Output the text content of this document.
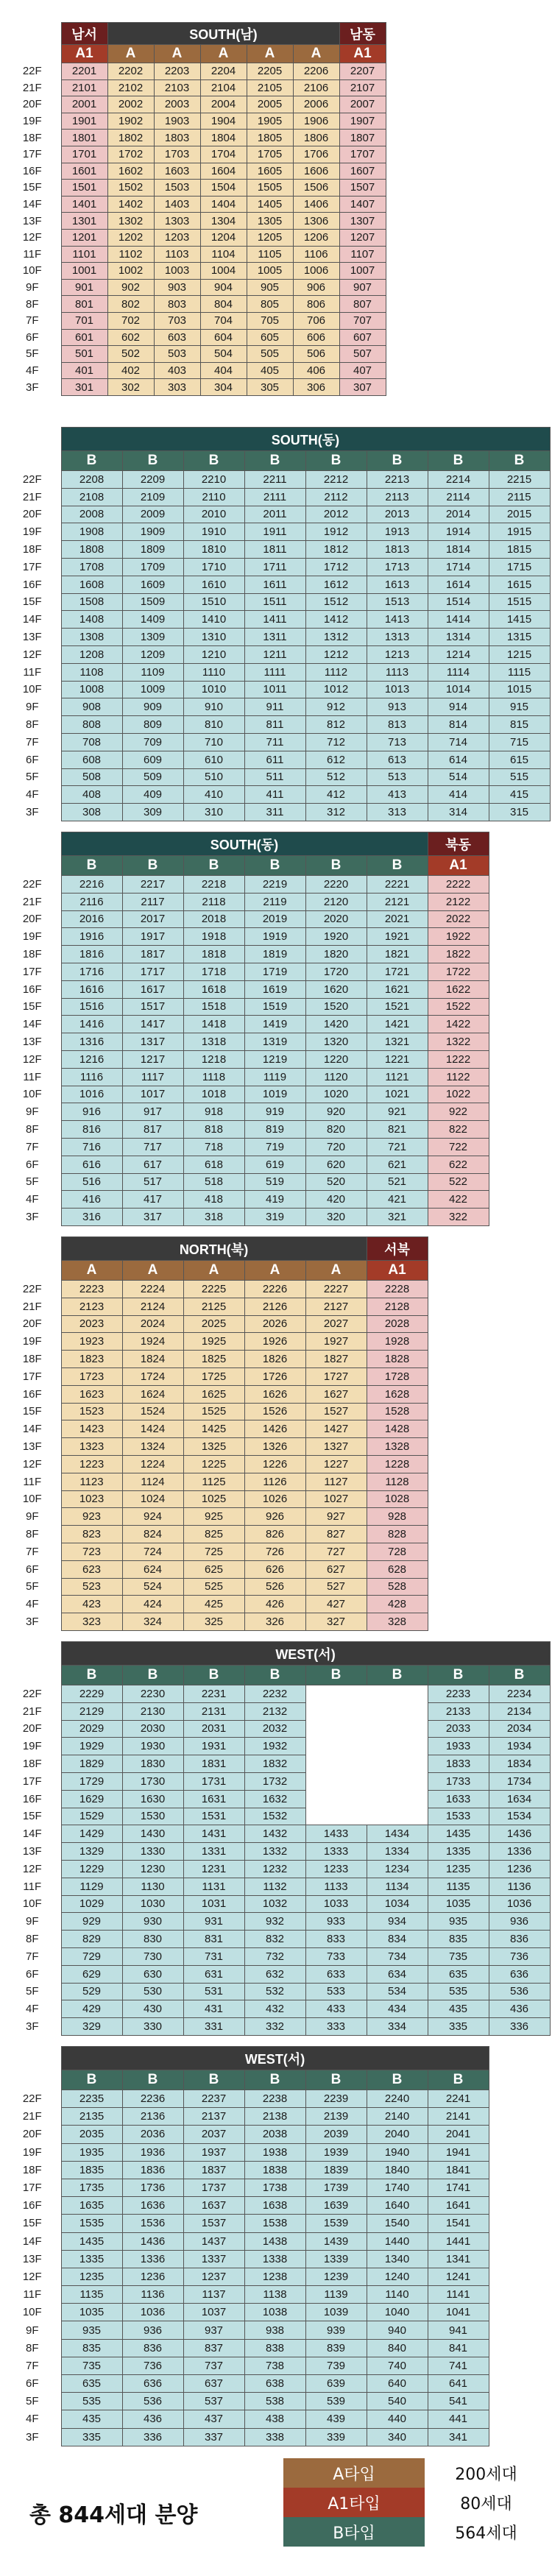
	남서	SOUTH(남)					남동
	A1	A	A	A	A	A	A1
22F	2201	2202	2203	2204	2205	2206	2207
21F	2101	2102	2103	2104	2105	2106	2107
20F	2001	2002	2003	2004	2005	2006	2007
19F	1901	1902	1903	1904	1905	1906	1907
18F	1801	1802	1803	1804	1805	1806	1807
17F	1701	1702	1703	1704	1705	1706	1707
16F	1601	1602	1603	1604	1605	1606	1607
15F	1501	1502	1503	1504	1505	1506	1507
14F	1401	1402	1403	1404	1405	1406	1407
13F	1301	1302	1303	1304	1305	1306	1307
12F	1201	1202	1203	1204	1205	1206	1207
11F	1101	1102	1103	1104	1105	1106	1107
10F	1001	1002	1003	1004	1005	1006	1007
9F	901	902	903	904	905	906	907
8F	801	802	803	804	805	806	807
7F	701	702	703	704	705	706	707
6F	601	602	603	604	605	606	607
5F	501	502	503	504	505	506	507
4F	401	402	403	404	405	406	407
3F	301	302	303	304	305	306	307
	SOUTH(동)							
	B	B	B	B	B	B	B	B
22F	2208	2209	2210	2211	2212	2213	2214	2215
21F	2108	2109	2110	2111	2112	2113	2114	2115
20F	2008	2009	2010	2011	2012	2013	2014	2015
19F	1908	1909	1910	1911	1912	1913	1914	1915
18F	1808	1809	1810	1811	1812	1813	1814	1815
17F	1708	1709	1710	1711	1712	1713	1714	1715
16F	1608	1609	1610	1611	1612	1613	1614	1615
15F	1508	1509	1510	1511	1512	1513	1514	1515
14F	1408	1409	1410	1411	1412	1413	1414	1415
13F	1308	1309	1310	1311	1312	1313	1314	1315
12F	1208	1209	1210	1211	1212	1213	1214	1215
11F	1108	1109	1110	1111	1112	1113	1114	1115
10F	1008	1009	1010	1011	1012	1013	1014	1015
9F	908	909	910	911	912	913	914	915
8F	808	809	810	811	812	813	814	815
7F	708	709	710	711	712	713	714	715
6F	608	609	610	611	612	613	614	615
5F	508	509	510	511	512	513	514	515
4F	408	409	410	411	412	413	414	415
3F	308	309	310	311	312	313	314	315
	SOUTH(동)						북동
	B	B	B	B	B	B	A1
22F	2216	2217	2218	2219	2220	2221	2222
21F	2116	2117	2118	2119	2120	2121	2122
20F	2016	2017	2018	2019	2020	2021	2022
19F	1916	1917	1918	1919	1920	1921	1922
18F	1816	1817	1818	1819	1820	1821	1822
17F	1716	1717	1718	1719	1720	1721	1722
16F	1616	1617	1618	1619	1620	1621	1622
15F	1516	1517	1518	1519	1520	1521	1522
14F	1416	1417	1418	1419	1420	1421	1422
13F	1316	1317	1318	1319	1320	1321	1322
12F	1216	1217	1218	1219	1220	1221	1222
11F	1116	1117	1118	1119	1120	1121	1122
10F	1016	1017	1018	1019	1020	1021	1022
9F	916	917	918	919	920	921	922
8F	816	817	818	819	820	821	822
7F	716	717	718	719	720	721	722
6F	616	617	618	619	620	621	622
5F	516	517	518	519	520	521	522
4F	416	417	418	419	420	421	422
3F	316	317	318	319	320	321	322
	NORTH(북)					서북
	A	A	A	A	A	A1
22F	2223	2224	2225	2226	2227	2228
21F	2123	2124	2125	2126	2127	2128
20F	2023	2024	2025	2026	2027	2028
19F	1923	1924	1925	1926	1927	1928
18F	1823	1824	1825	1826	1827	1828
17F	1723	1724	1725	1726	1727	1728
16F	1623	1624	1625	1626	1627	1628
15F	1523	1524	1525	1526	1527	1528
14F	1423	1424	1425	1426	1427	1428
13F	1323	1324	1325	1326	1327	1328
12F	1223	1224	1225	1226	1227	1228
11F	1123	1124	1125	1126	1127	1128
10F	1023	1024	1025	1026	1027	1028
9F	923	924	925	926	927	928
8F	823	824	825	826	827	828
7F	723	724	725	726	727	728
6F	623	624	625	626	627	628
5F	523	524	525	526	527	528
4F	423	424	425	426	427	428
3F	323	324	325	326	327	328
	WEST(서)							
	B	B	B	B	B	B	B	B
22F	2229	2230	2231	2232			2233	2234
21F	2129	2130	2131	2132			2133	2134
20F	2029	2030	2031	2032			2033	2034
19F	1929	1930	1931	1932			1933	1934
18F	1829	1830	1831	1832			1833	1834
17F	1729	1730	1731	1732			1733	1734
16F	1629	1630	1631	1632			1633	1634
15F	1529	1530	1531	1532			1533	1534
14F	1429	1430	1431	1432	1433	1434	1435	1436
13F	1329	1330	1331	1332	1333	1334	1335	1336
12F	1229	1230	1231	1232	1233	1234	1235	1236
11F	1129	1130	1131	1132	1133	1134	1135	1136
10F	1029	1030	1031	1032	1033	1034	1035	1036
9F	929	930	931	932	933	934	935	936
8F	829	830	831	832	833	834	835	836
7F	729	730	731	732	733	734	735	736
6F	629	630	631	632	633	634	635	636
5F	529	530	531	532	533	534	535	536
4F	429	430	431	432	433	434	435	436
3F	329	330	331	332	333	334	335	336
	WEST(서)						
	B	B	B	B	B	B	B
22F	2235	2236	2237	2238	2239	2240	2241
21F	2135	2136	2137	2138	2139	2140	2141
20F	2035	2036	2037	2038	2039	2040	2041
19F	1935	1936	1937	1938	1939	1940	1941
18F	1835	1836	1837	1838	1839	1840	1841
17F	1735	1736	1737	1738	1739	1740	1741
16F	1635	1636	1637	1638	1639	1640	1641
15F	1535	1536	1537	1538	1539	1540	1541
14F	1435	1436	1437	1438	1439	1440	1441
13F	1335	1336	1337	1338	1339	1340	1341
12F	1235	1236	1237	1238	1239	1240	1241
11F	1135	1136	1137	1138	1139	1140	1141
10F	1035	1036	1037	1038	1039	1040	1041
9F	935	936	937	938	939	940	941
8F	835	836	837	838	839	840	841
7F	735	736	737	738	739	740	741
6F	635	636	637	638	639	640	641
5F	535	536	537	538	539	540	541
4F	435	436	437	438	439	440	441
3F	335	336	337	338	339	340	341
총 844세대 분양
A타입	200세대
A1타입	80세대
B타입	564세대
